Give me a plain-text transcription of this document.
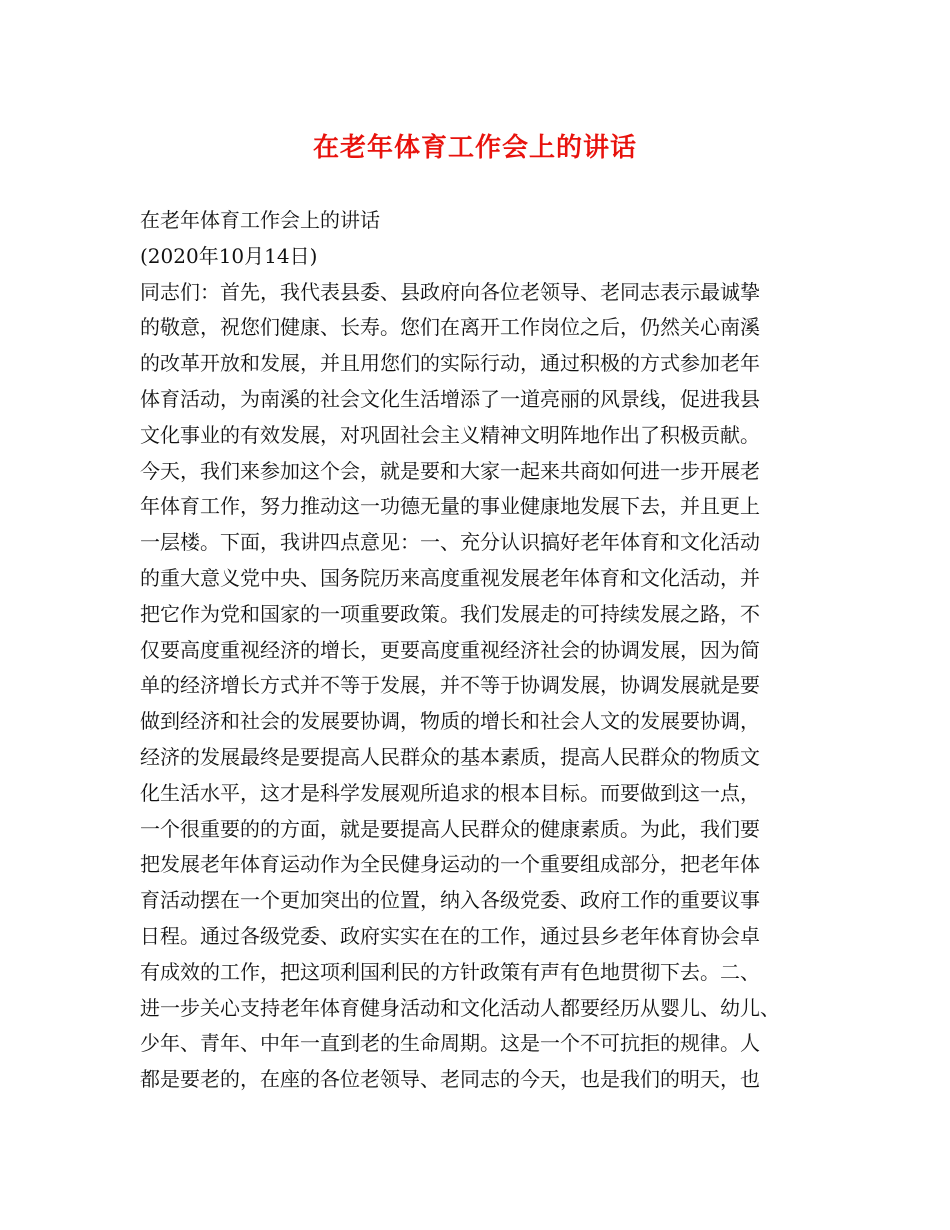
在老年体育工作会上的讲话
在老年体育工作会上的讲话
(2020年10月14日)
同志们：首先，我代表县委、县政府向各位老领导、老同志表示最诚挚
的敬意，祝您们健康、长寿。您们在离开工作岗位之后，仍然关心南溪
的改革开放和发展，并且用您们的实际行动，通过积极的方式参加老年
体育活动，为南溪的社会文化生活增添了一道亮丽的风景线，促进我县
文化事业的有效发展，对巩固社会主义精神文明阵地作出了积极贡献。
今天，我们来参加这个会，就是要和大家一起来共商如何进一步开展老
年体育工作，努力推动这一功德无量的事业健康地发展下去，并且更上
一层楼。下面，我讲四点意见：一、充分认识搞好老年体育和文化活动
的重大意义党中央、国务院历来高度重视发展老年体育和文化活动，并
把它作为党和国家的一项重要政策。我们发展走的可持续发展之路，不
仅要高度重视经济的增长，更要高度重视经济社会的协调发展，因为简
单的经济增长方式并不等于发展，并不等于协调发展，协调发展就是要
做到经济和社会的发展要协调，物质的增长和社会人文的发展要协调，
经济的发展最终是要提高人民群众的基本素质，提高人民群众的物质文
化生活水平，这才是科学发展观所追求的根本目标。而要做到这一点，
一个很重要的的方面，就是要提高人民群众的健康素质。为此，我们要
把发展老年体育运动作为全民健身运动的一个重要组成部分，把老年体
育活动摆在一个更加突出的位置，纳入各级党委、政府工作的重要议事
日程。通过各级党委、政府实实在在的工作，通过县乡老年体育协会卓
有成效的工作，把这项利国利民的方针政策有声有色地贯彻下去。二、
进一步关心支持老年体育健身活动和文化活动人都要经历从婴儿、幼儿、
少年、青年、中年一直到老的生命周期。这是一个不可抗拒的规律。人
都是要老的，在座的各位老领导、老同志的今天，也是我们的明天，也
